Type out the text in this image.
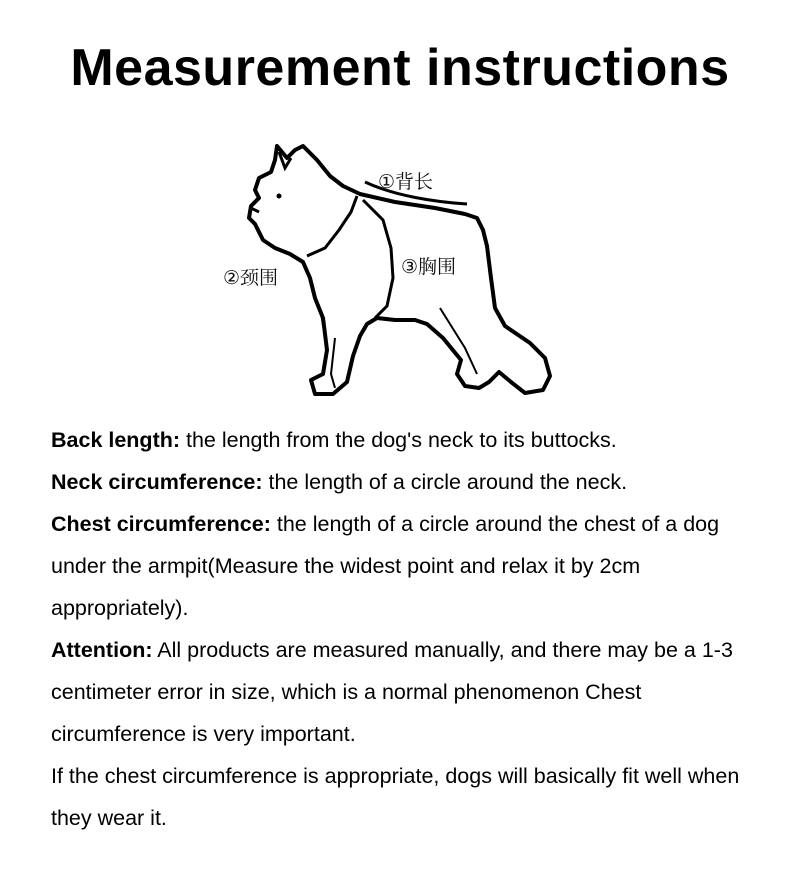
Measurement instructions
①背长
②颈围	③胸围

Back length: the length from the dog's neck to its buttocks.

Neck circumference: the length of a circle around the neck.

Chest circumference: the length of a circle around the chest of a dog under the armpit(Measure the widest point and relax it by 2cm appropriately).

Attention: All products are measured manually, and there may be a 1-3 centimeter error in size, which is a normal phenomenon Chest circumference is very important.

If the chest circumference is appropriate, dogs will basically fit well when they wear it.
